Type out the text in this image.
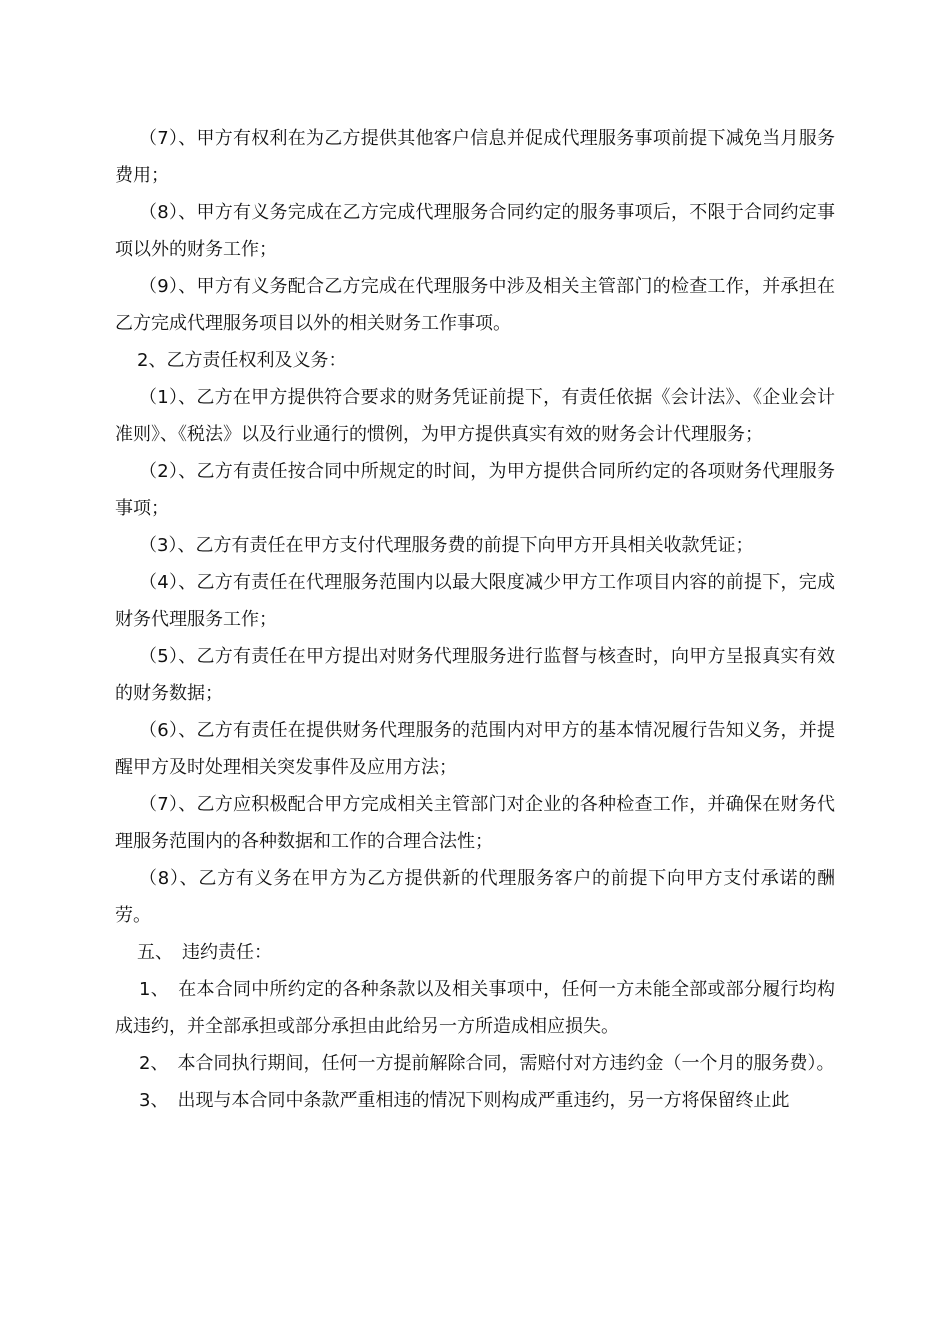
（7）、甲方有权利在为乙方提供其他客户信息并促成代理服务事项前提下减免当月服务费用；

（8）、甲方有义务完成在乙方完成代理服务合同约定的服务事项后，不限于合同约定事项以外的财务工作；

（9）、甲方有义务配合乙方完成在代理服务中涉及相关主管部门的检查工作，并承担在乙方完成代理服务项目以外的相关财务工作事项。

2、乙方责任权利及义务：

（1）、乙方在甲方提供符合要求的财务凭证前提下，有责任依据《会计法》、《企业会计准则》、《税法》以及行业通行的惯例，为甲方提供真实有效的财务会计代理服务；

（2）、乙方有责任按合同中所规定的时间，为甲方提供合同所约定的各项财务代理服务事项；

（3）、乙方有责任在甲方支付代理服务费的前提下向甲方开具相关收款凭证；

（4）、乙方有责任在代理服务范围内以最大限度减少甲方工作项目内容的前提下，完成财务代理服务工作；

（5）、乙方有责任在甲方提出对财务代理服务进行监督与核查时，向甲方呈报真实有效的财务数据；

（6）、乙方有责任在提供财务代理服务的范围内对甲方的基本情况履行告知义务，并提醒甲方及时处理相关突发事件及应用方法；

（7）、乙方应积极配合甲方完成相关主管部门对企业的各种检查工作，并确保在财务代理服务范围内的各种数据和工作的合理合法性；

（8）、乙方有义务在甲方为乙方提供新的代理服务客户的前提下向甲方支付承诺的酬劳。

五、　违约责任：

1、　在本合同中所约定的各种条款以及相关事项中，任何一方未能全部或部分履行均构成违约，并全部承担或部分承担由此给另一方所造成相应损失。

2、　本合同执行期间，任何一方提前解除合同，需赔付对方违约金（一个月的服务费）。

3、　出现与本合同中条款严重相违的情况下则构成严重违约，另一方将保留终止此
